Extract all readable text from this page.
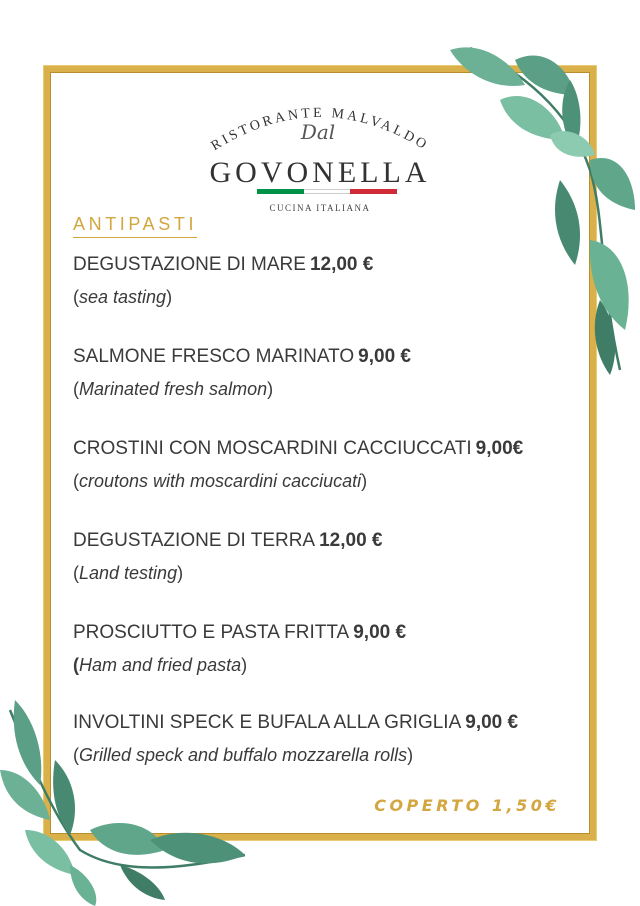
RISTORANTE MALVALDO
Dal
GOVONELLA
CUCINA ITALIANA
ANTIPASTI
DEGUSTAZIONE DI MARE 12,00 €
(sea tasting)
SALMONE FRESCO MARINATO 9,00 €
(Marinated fresh salmon)
CROSTINI CON MOSCARDINI CACCIUCCATI 9,00€
(croutons with moscardini cacciucati)
DEGUSTAZIONE DI TERRA 12,00 €
(Land testing)
PROSCIUTTO E PASTA FRITTA 9,00 €
(Ham and fried pasta)
INVOLTINI SPECK E BUFALA ALLA GRIGLIA 9,00 €
(Grilled speck and buffalo mozzarella rolls)
COPERTO 1,50€
